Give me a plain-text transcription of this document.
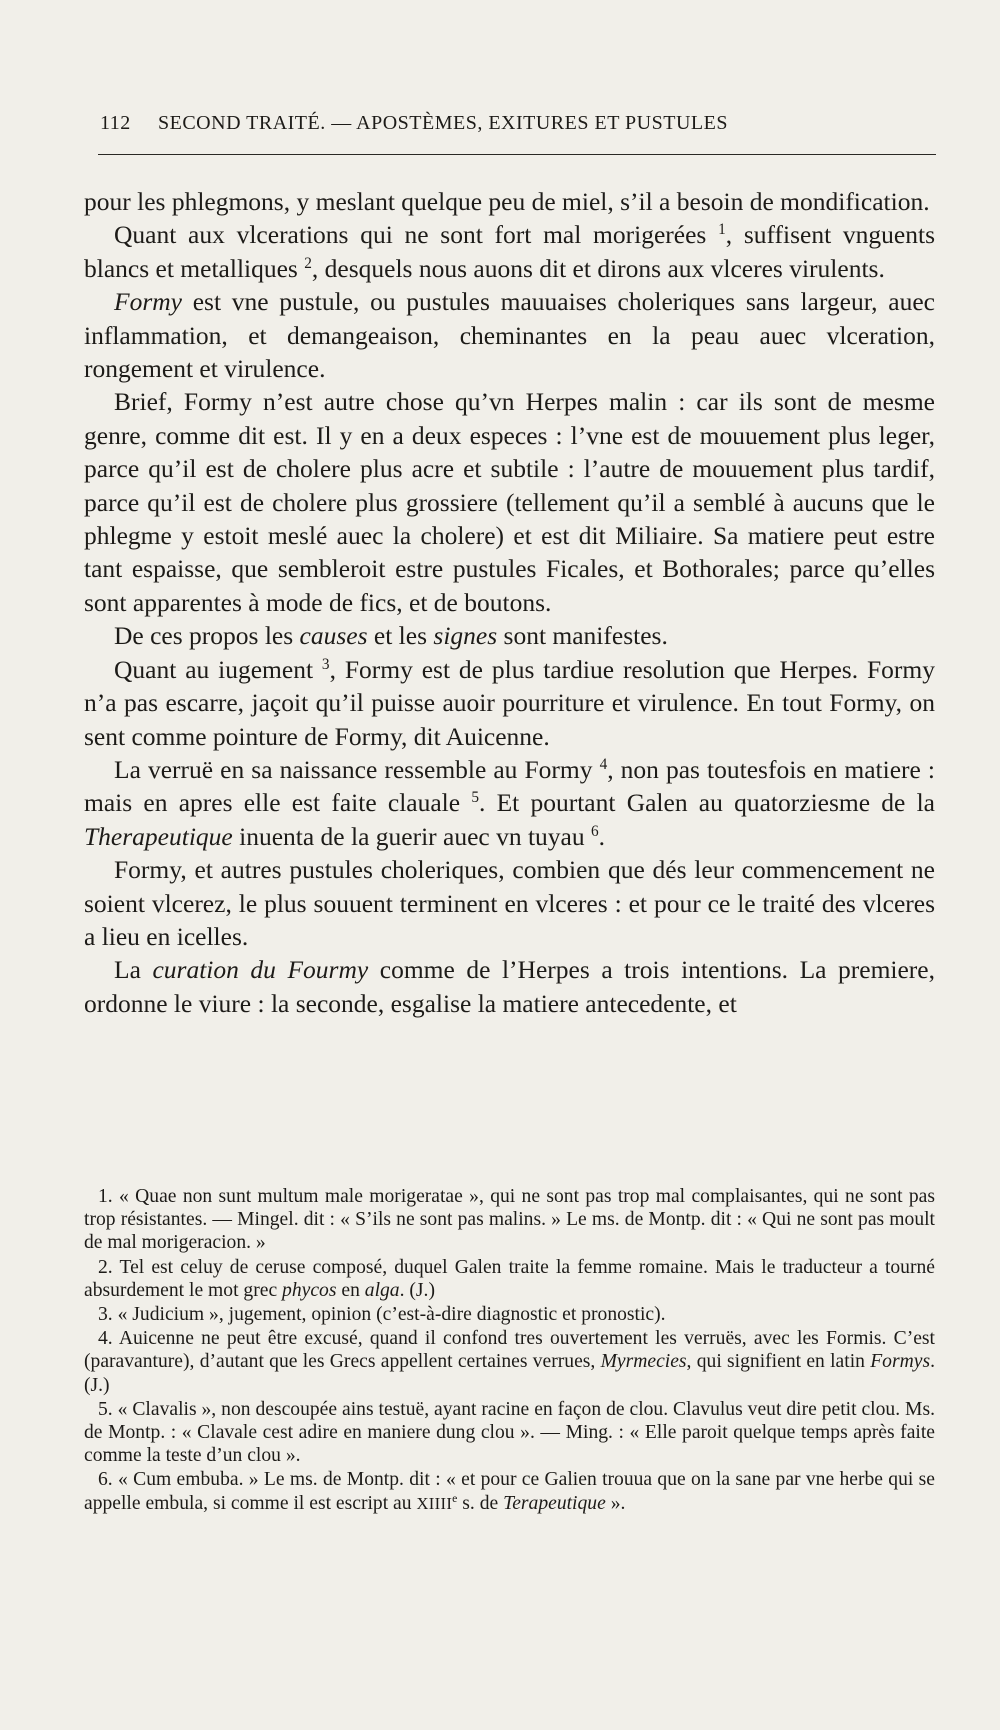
112 SECOND TRAITÉ. — APOSTÈMES, EXITURES ET PUSTULES

pour les phlegmons, y meslant quelque peu de miel, s’il a besoin de mondification.

Quant aux vlcerations qui ne sont fort mal morigerées $^1$, suffisent vnguents blancs et metalliques $^2$, desquels nous auons dit et dirons aux vlceres virulents.

Formy est vne pustule, ou pustules mauuaises choleriques sans largeur, auec inflammation, et demangeaison, cheminantes en la peau auec vlceration, rongement et virulence.

Brief, Formy n’est autre chose qu’vn Herpes malin : car ils sont de mesme genre, comme dit est. Il y en a deux especes : l’vne est de mouuement plus leger, parce qu’il est de cholere plus acre et subtile : l’autre de mouuement plus tardif, parce qu’il est de cholere plus grossiere (tellement qu’il a semblé à aucuns que le phlegme y estoit meslé auec la cholere) et est dit Miliaire. Sa matiere peut estre tant espaisse, que sembleroit estre pustules Ficales, et Bothorales; parce qu’elles sont apparentes à mode de fics, et de boutons.

De ces propos les causes et les signes sont manifestes.

Quant au iugement $^3$, Formy est de plus tardiue resolution que Herpes. Formy n’a pas escarre, jaçoit qu’il puisse auoir pourriture et virulence. En tout Formy, on sent comme pointure de Formy, dit Auicenne.

La verruë en sa naissance ressemble au Formy $^4$, non pas toutesfois en matiere : mais en apres elle est faite clauale $^5$. Et pourtant Galen au quatorziesme de la Therapeutique inuenta de la guerir auec vn tuyau $^6$.

Formy, et autres pustules choleriques, combien que dés leur commencement ne soient vlcerez, le plus souuent terminent en vlceres : et pour ce le traité des vlceres a lieu en icelles.

La curation du Fourmy comme de l’Herpes a trois intentions. La premiere, ordonne le viure : la seconde, esgalise la matiere antecedente, et

1. « Quae non sunt multum male morigeratae », qui ne sont pas trop mal complaisantes, qui ne sont pas trop résistantes. — Mingel. dit : « S’ils ne sont pas malins. » Le ms. de Montp. dit : « Qui ne sont pas moult de mal morigeracion. »

2. Tel est celuy de ceruse composé, duquel Galen traite la femme romaine. Mais le traducteur a tourné absurdement le mot grec phycos en alga. (J.)

3. « Judicium », jugement, opinion (c’est-à-dire diagnostic et pronostic).

4. Auicenne ne peut être excusé, quand il confond tres ouvertement les verruës, avec les Formis. C’est (paravanture), d’autant que les Grecs appellent certaines verrues, Myrmecies, qui signifient en latin Formys. (J.)

5. « Clavalis », non descoupée ains testuë, ayant racine en façon de clou. Clavulus veut dire petit clou. Ms. de Montp. : « Clavale cest adire en maniere dung clou ». — Ming. : « Elle paroit quelque temps après faite comme la teste d’un clou ».

6. « Cum embuba. » Le ms. de Montp. dit : « et pour ce Galien trouua que on la sane par vne herbe qui se appelle embula, si comme il est escript au XIIIIe s. de Terapeutique ».
